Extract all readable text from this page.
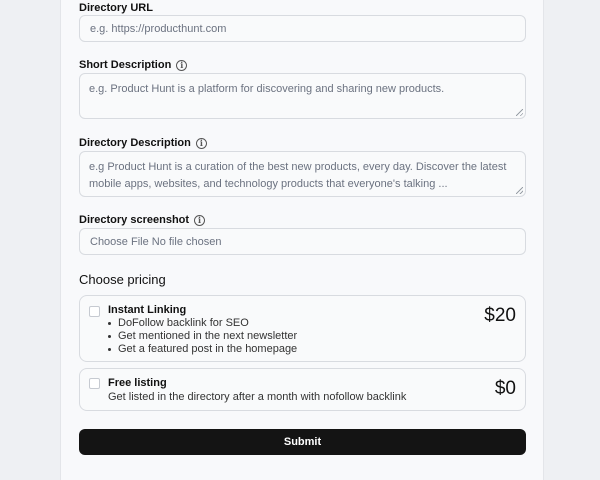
Directory URL
e.g. https://producthunt.com
Short Description	i
e.g. Product Hunt is a platform for discovering and sharing new products.
Directory Description	i
e.g Product Hunt is a curation of the best new products, every day. Discover the latest
mobile apps, websites, and technology products that everyone's talking ...
Directory screenshot	i
Choose File No file chosen
Choose pricing
Instant Linking
DoFollow backlink for SEO
Get mentioned in the next newsletter
Get a featured post in the homepage
$20
Free listing
Get listed in the directory after a month with nofollow backlink	$0
Submit
